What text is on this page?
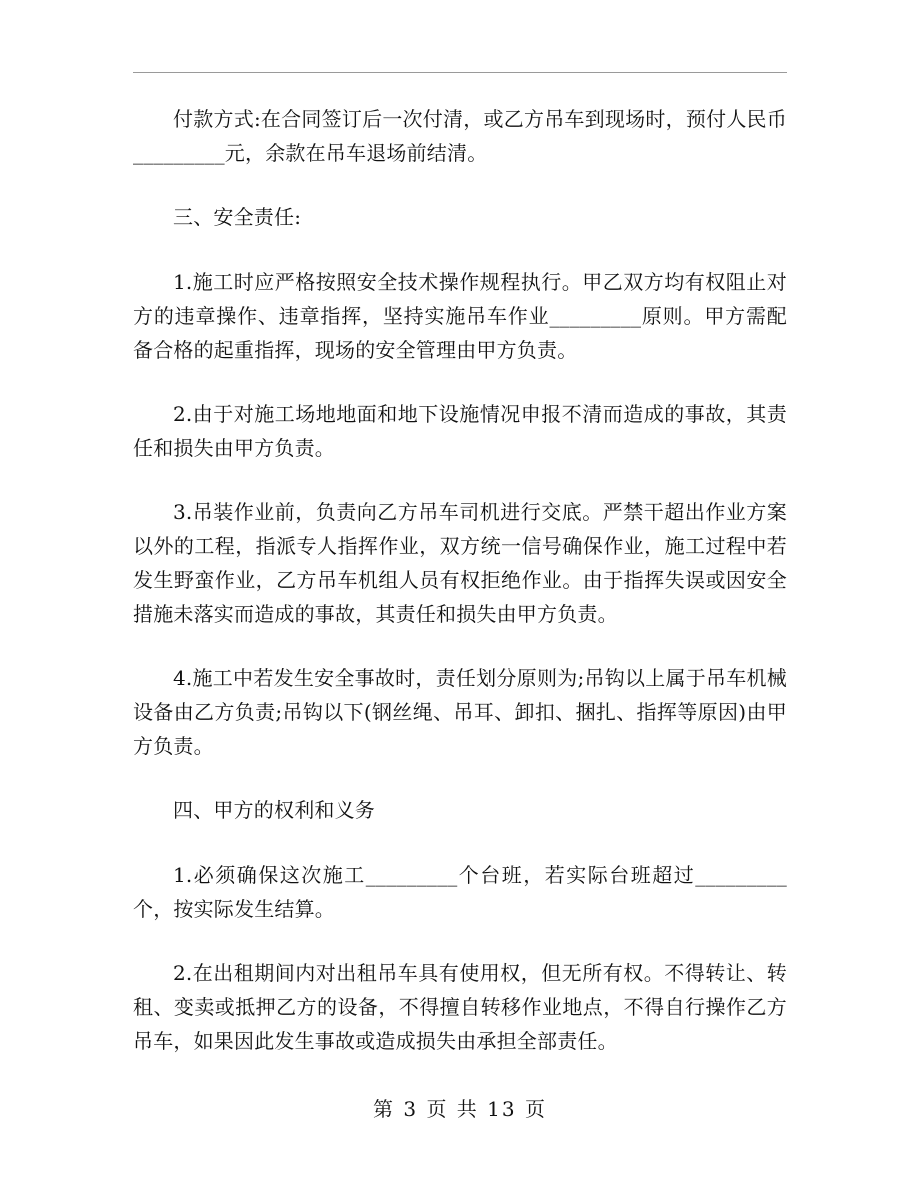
付款方式:在合同签订后一次付清，或乙方吊车到现场时，预付人民币_________元，余款在吊车退场前结清。

三、安全责任:

1.施工时应严格按照安全技术操作规程执行。甲乙双方均有权阻止对方的违章操作、违章指挥，坚持实施吊车作业_________原则。甲方需配备合格的起重指挥，现场的安全管理由甲方负责。

2.由于对施工场地地面和地下设施情况申报不清而造成的事故，其责任和损失由甲方负责。

3.吊装作业前，负责向乙方吊车司机进行交底。严禁干超出作业方案以外的工程，指派专人指挥作业，双方统一信号确保作业，施工过程中若发生野蛮作业，乙方吊车机组人员有权拒绝作业。由于指挥失误或因安全措施未落实而造成的事故，其责任和损失由甲方负责。

4.施工中若发生安全事故时，责任划分原则为;吊钩以上属于吊车机械设备由乙方负责;吊钩以下(钢丝绳、吊耳、卸扣、捆扎、指挥等原因)由甲方负责。

四、甲方的权利和义务

1.必须确保这次施工_________个台班，若实际台班超过_________个，按实际发生结算。

2.在出租期间内对出租吊车具有使用权，但无所有权。不得转让、转租、变卖或抵押乙方的设备，不得擅自转移作业地点，不得自行操作乙方吊车，如果因此发生事故或造成损失由承担全部责任。

第 3 页 共 13 页
